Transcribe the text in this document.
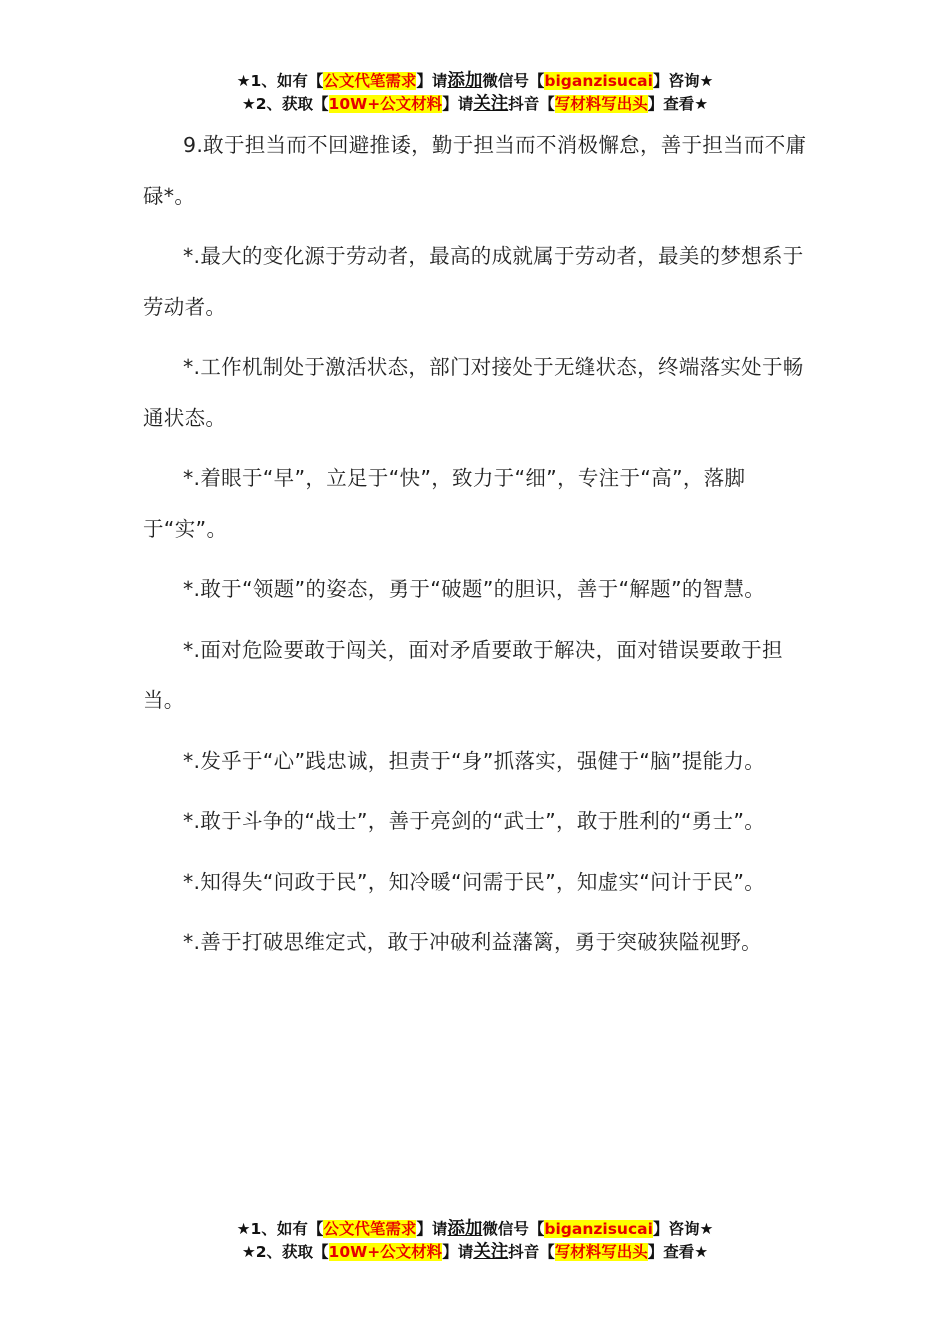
★1、如有【公文代笔需求】请添加微信号【biganzisucai】咨询★
★2、获取【10W+公文材料】请关注抖音【写材料写出头】查看★

9.敢于担当而不回避推诿，勤于担当而不消极懈怠，善于担当而不庸碌*。

*.最大的变化源于劳动者，最高的成就属于劳动者，最美的梦想系于劳动者。

*.工作机制处于激活状态，部门对接处于无缝状态，终端落实处于畅通状态。

*.着眼于“早”，立足于“快”，致力于“细”，专注于“高”，落脚于“实”。

*.敢于“领题”的姿态，勇于“破题”的胆识，善于“解题”的智慧。

*.面对危险要敢于闯关，面对矛盾要敢于解决，面对错误要敢于担当。

*.发乎于“心”践忠诚，担责于“身”抓落实，强健于“脑”提能力。

*.敢于斗争的“战士”，善于亮剑的“武士”，敢于胜利的“勇士”。

*.知得失“问政于民”，知冷暖“问需于民”，知虚实“问计于民”。

*.善于打破思维定式，敢于冲破利益藩篱，勇于突破狭隘视野。

★1、如有【公文代笔需求】请添加微信号【biganzisucai】咨询★
★2、获取【10W+公文材料】请关注抖音【写材料写出头】查看★
